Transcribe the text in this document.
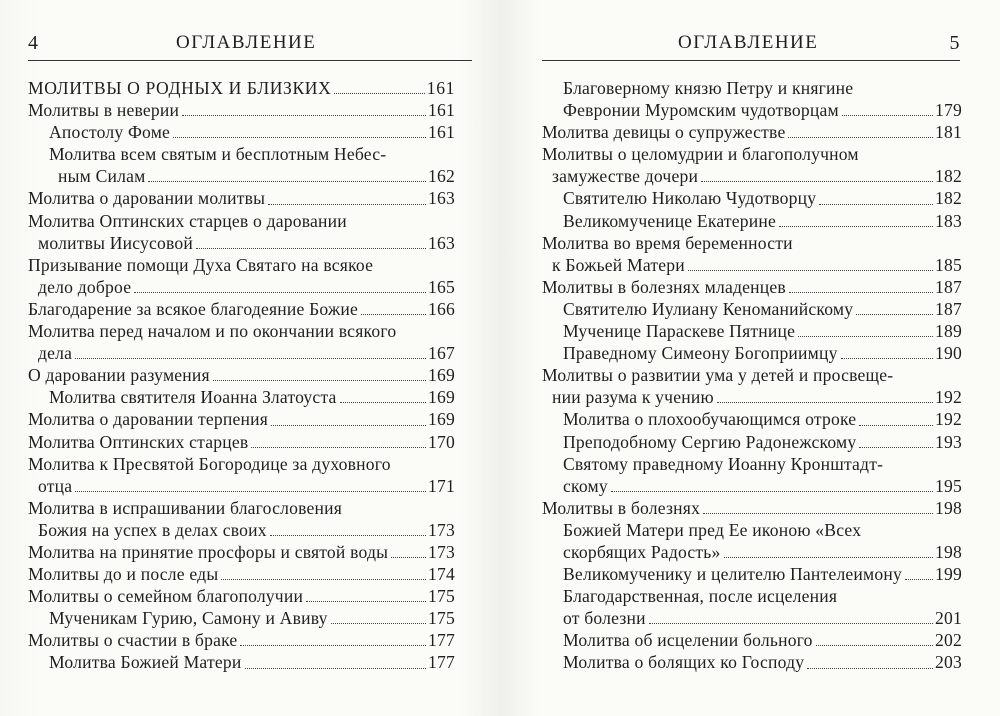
4	ОГЛАВЛЕНИЕ
МОЛИТВЫ О РОДНЫХ И БЛИЗКИХ	161
Молитвы в неверии	161
Апостолу Фоме	161
Молитва всем святым и бесплотным Небес-
ным Силам	162
Молитва о даровании молитвы	163
Молитва Оптинских старцев о даровании
молитвы Иисусовой	163
Призывание помощи Духа Святаго на всякое
дело доброе	165
Благодарение за всякое благодеяние Божие	166
Молитва перед началом и по окончании всякого
дела	167
О даровании разумения	169
Молитва святителя Иоанна Златоуста	169
Молитва о даровании терпения	169
Молитва Оптинских старцев	170
Молитва к Пресвятой Богородице за духовного
отца	171
Молитва в испрашивании благословения
Божия на успех в делах своих	173
Молитва на принятие просфоры и святой воды 173
Молитвы до и после еды	174
Молитвы о семейном благополучии	175
Мученикам Гурию, Самону и Авиву	175
Молитвы о счастии в браке	177
Молитва Божией Матери	177
ОГЛАВЛЕНИЕ	5
Благоверному князю Петру и княгине
Февронии Муромским чудотворцам	179
Молитва девицы о супружестве	181
Молитвы о целомудрии и благополучном
замужестве дочери	182
Святителю Николаю Чудотворцу	182
Великомученице Екатерине	183
Молитва во время беременности
к Божьей Матери	185
Молитвы в болезнях младенцев	187
Святителю Иулиану Кеноманийскому	187
Мученице Параскеве Пятнице	189
Праведному Симеону Богоприимцу	190
Молитвы о развитии ума у детей и просвеще-
нии разума к учению	192
Молитва о плохообучающимся отроке	192
Преподобному Сергию Радонежскому	193
Святому праведному Иоанну Кронштадт-
скому	195
Молитвы в болезнях	198
Божией Матери пред Ее иконою «Всех
скорбящих Радость»	198
Великомученику и целителю Пантелеимону 199
Благодарственная, после исцеления
от болезни	201
Молитва об исцелении больного	202
Молитва о болящих ко Господу	203
